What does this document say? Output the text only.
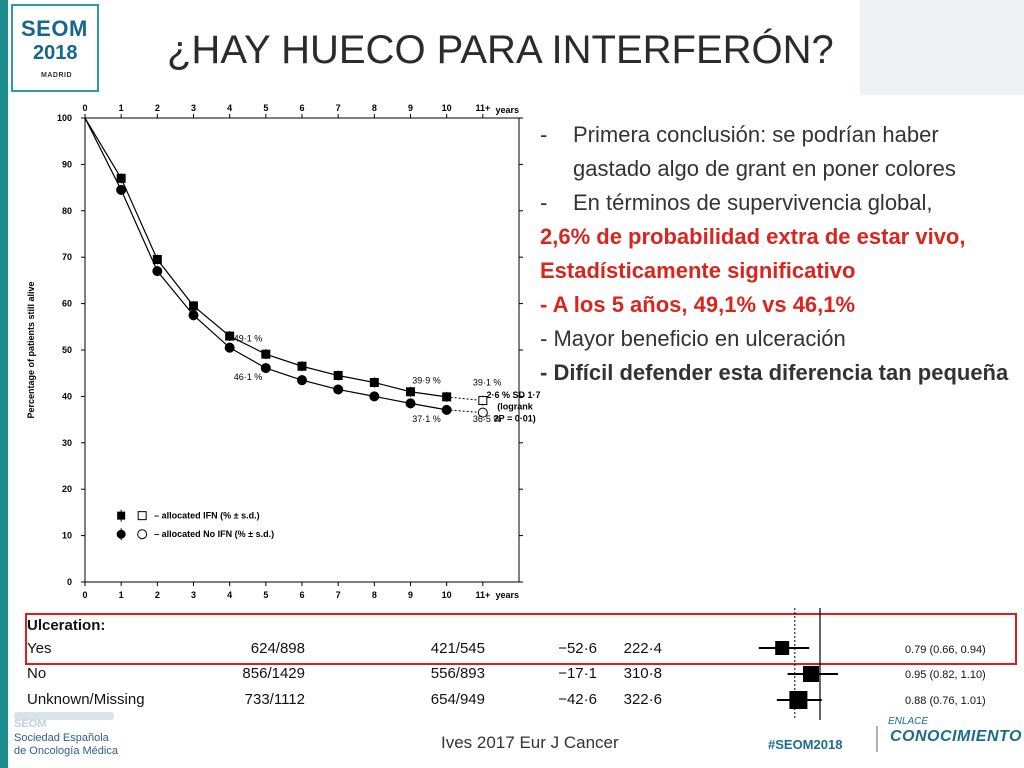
SEOM
2018
MADRID
¿HAY HUECO PARA INTERFERÓN?
0
0
1
1
2
2
3
3
4
4
5
5
6
6
7
7
8
8
9
9
10
10
11+
11+
years
years
0
10
20
30
40
50
60
70
80
90
100
Percentage of patients still alive	49·1 %
46·1 %	39·9 %	39·1 %
37·1 %	36·5 %
2·6 % SD 1·7
(logrank
2P = 0·01)
– allocated IFN (% ± s.d.)
– allocated No IFN (% ± s.d.)
- Primera conclusión: se podrían haber gastado algo de grant en poner colores
- En términos de supervivencia global,
2,6% de probabilidad extra de estar vivo, Estadísticamente significativo
- A los 5 años, 49,1% vs 46,1%
- Mayor beneficio en ulceración
- Difícil defender esta diferencia tan pequeña
Ulceration:
Yes	624/898	421/545	−52·6 222·4	0.79 (0.66, 0.94)
No	856/1429	556/893	−17·1 310·8	0.95 (0.82, 1.10)
Unknown/Missing	733/1112	654/949	−42·6 322·6	0.88 (0.76, 1.01)
SEOM
Sociedad Española
de Oncología Médica	Ives 2017 Eur J Cancer	#SEOM2018
ENLACE
CONOCIMIENTO
